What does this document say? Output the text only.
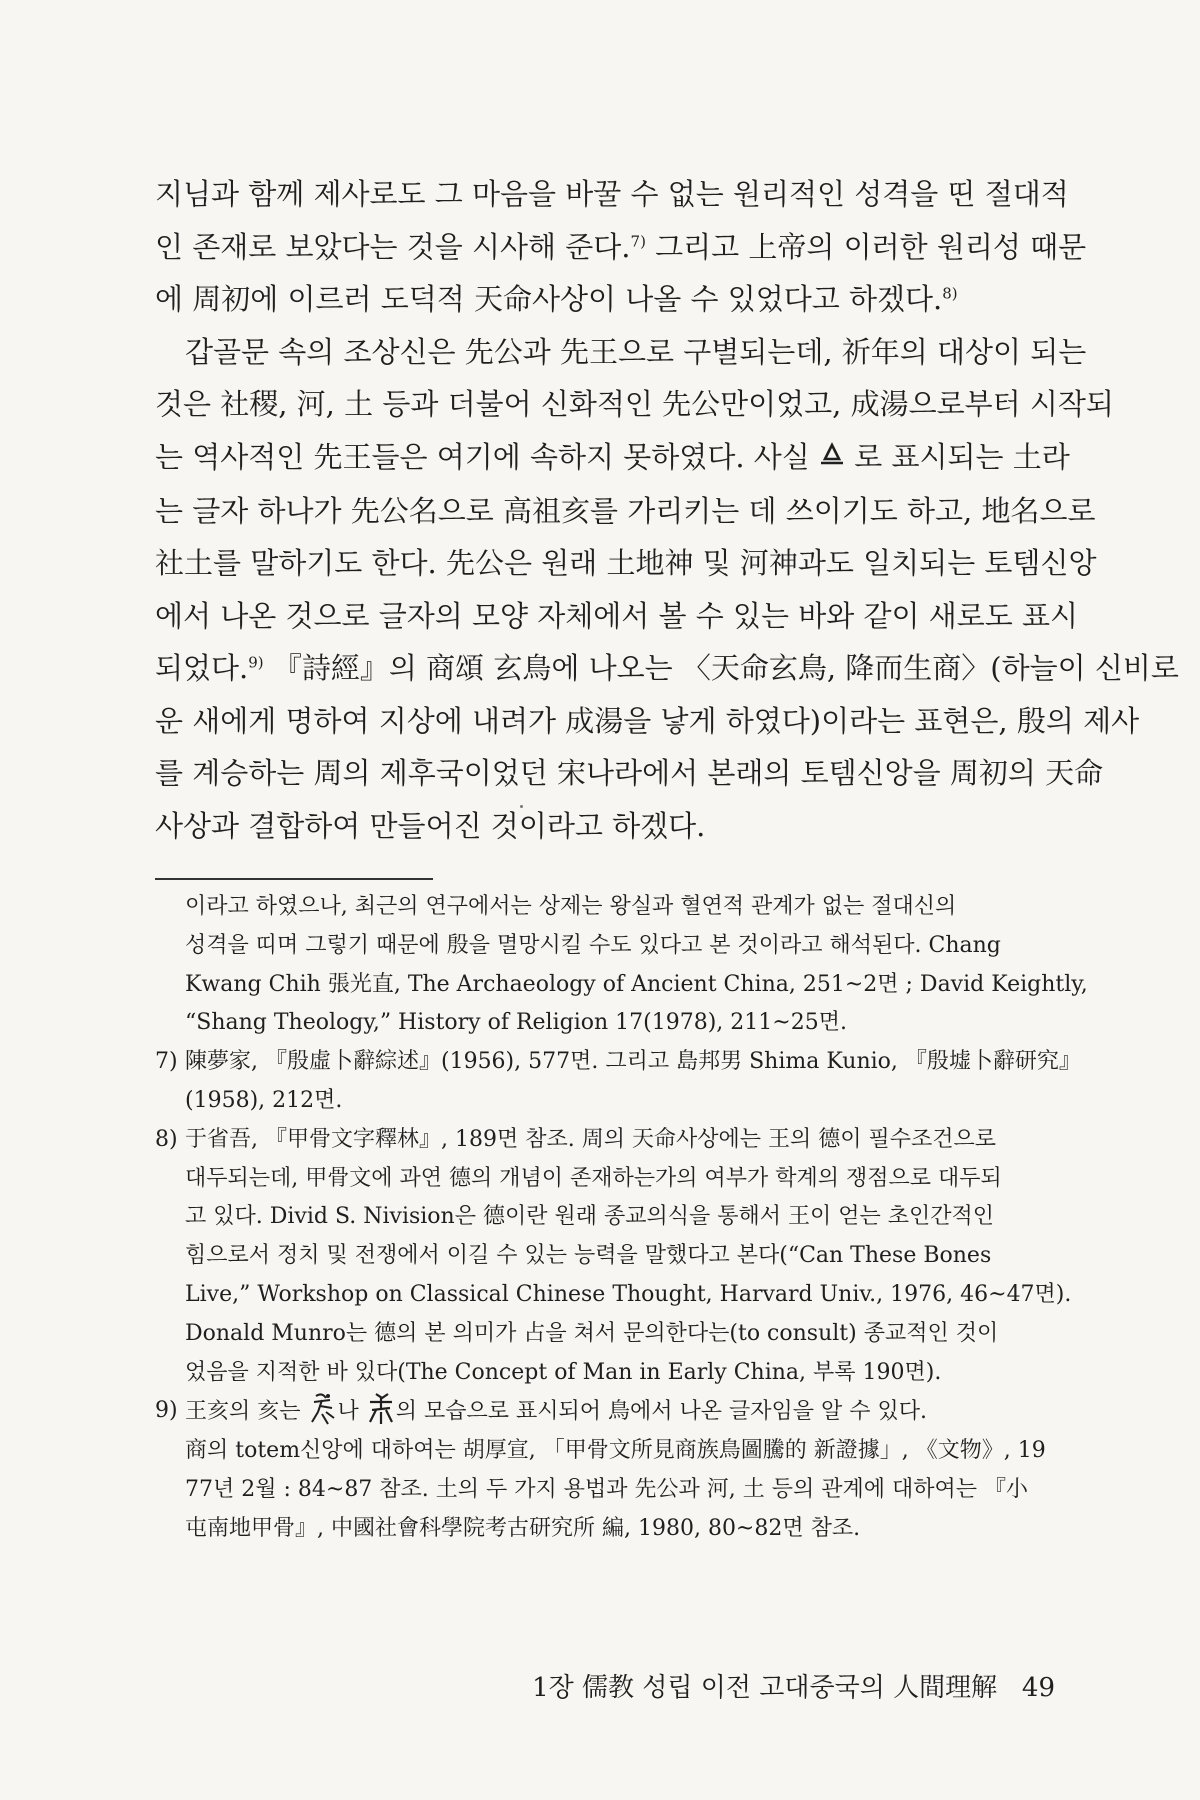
지님과 함께 제사로도 그 마음을 바꿀 수 없는 원리적인 성격을 띤 절대적
인 존재로 보았다는 것을 시사해 준다.$^{7)}$ 그리고 上帝의 이러한 원리성 때문
에 周初에 이르러 도덕적 天命사상이 나올 수 있었다고 하겠다.$^{8)}$

갑골문 속의 조상신은 先公과 先王으로 구별되는데, 祈年의 대상이 되는
것은 社稷, 河, 土 등과 더불어 신화적인 先公만이었고, 成湯으로부터 시작되
는 역사적인 先王들은 여기에 속하지 못하였다. 사실 로 표시되는 土라
는 글자 하나가 先公名으로 高祖亥를 가리키는 데 쓰이기도 하고, 地名으로
社土를 말하기도 한다. 先公은 원래 土地神 및 河神과도 일치되는 토템신앙
에서 나온 것으로 글자의 모양 자체에서 볼 수 있는 바와 같이 새로도 표시
되었다.$^{9)}$ 『詩經』의 商頌 玄鳥에 나오는 〈天命玄鳥, 降而生商〉(하늘이 신비로
운 새에게 명하여 지상에 내려가 成湯을 낳게 하였다)이라는 표현은, 殷의 제사
를 계승하는 周의 제후국이었던 宋나라에서 본래의 토템신앙을 周初의 天命
사상과 결합하여 만들어진 것이라고 하겠다.

이라고 하였으나, 최근의 연구에서는 상제는 왕실과 혈연적 관계가 없는 절대신의
성격을 띠며 그렇기 때문에 殷을 멸망시킬 수도 있다고 본 것이라고 해석된다. Chang
Kwang Chih 張光直, The Archaeology of Ancient China, 251~2면 ; David Keightly,
“Shang Theology,” History of Religion 17(1978), 211~25면.
7) 陳夢家, 『殷虛卜辭綜述』(1956), 577면. 그리고 島邦男 Shima Kunio, 『殷墟卜辭研究』
(1958), 212면.
8) 于省吾, 『甲骨文字釋林』, 189면 참조. 周의 天命사상에는 王의 德이 필수조건으로
대두되는데, 甲骨文에 과연 德의 개념이 존재하는가의 여부가 학계의 쟁점으로 대두되
고 있다. Divid S. Nivision은 德이란 원래 종교의식을 통해서 王이 얻는 초인간적인
힘으로서 정치 및 전쟁에서 이길 수 있는 능력을 말했다고 본다(“Can These Bones
Live,” Workshop on Classical Chinese Thought, Harvard Univ., 1976, 46~47면).
Donald Munro는 德의 본 의미가 占을 쳐서 문의한다는(to consult) 종교적인 것이
었음을 지적한 바 있다(The Concept of Man in Early China, 부록 190면).
9) 王亥의 亥는 나 의 모습으로 표시되어 鳥에서 나온 글자임을 알 수 있다.
商의 totem신앙에 대하여는 胡厚宣, 「甲骨文所見商族鳥圖騰的 新證據」, 《文物》, 19
77년 2월 : 84~87 참조. 土의 두 가지 용법과 先公과 河, 土 등의 관계에 대하여는 『小
屯南地甲骨』, 中國社會科學院考古研究所 編, 1980, 80~82면 참조.
1장 儒教 성립 이전 고대중국의 人間理解 49
